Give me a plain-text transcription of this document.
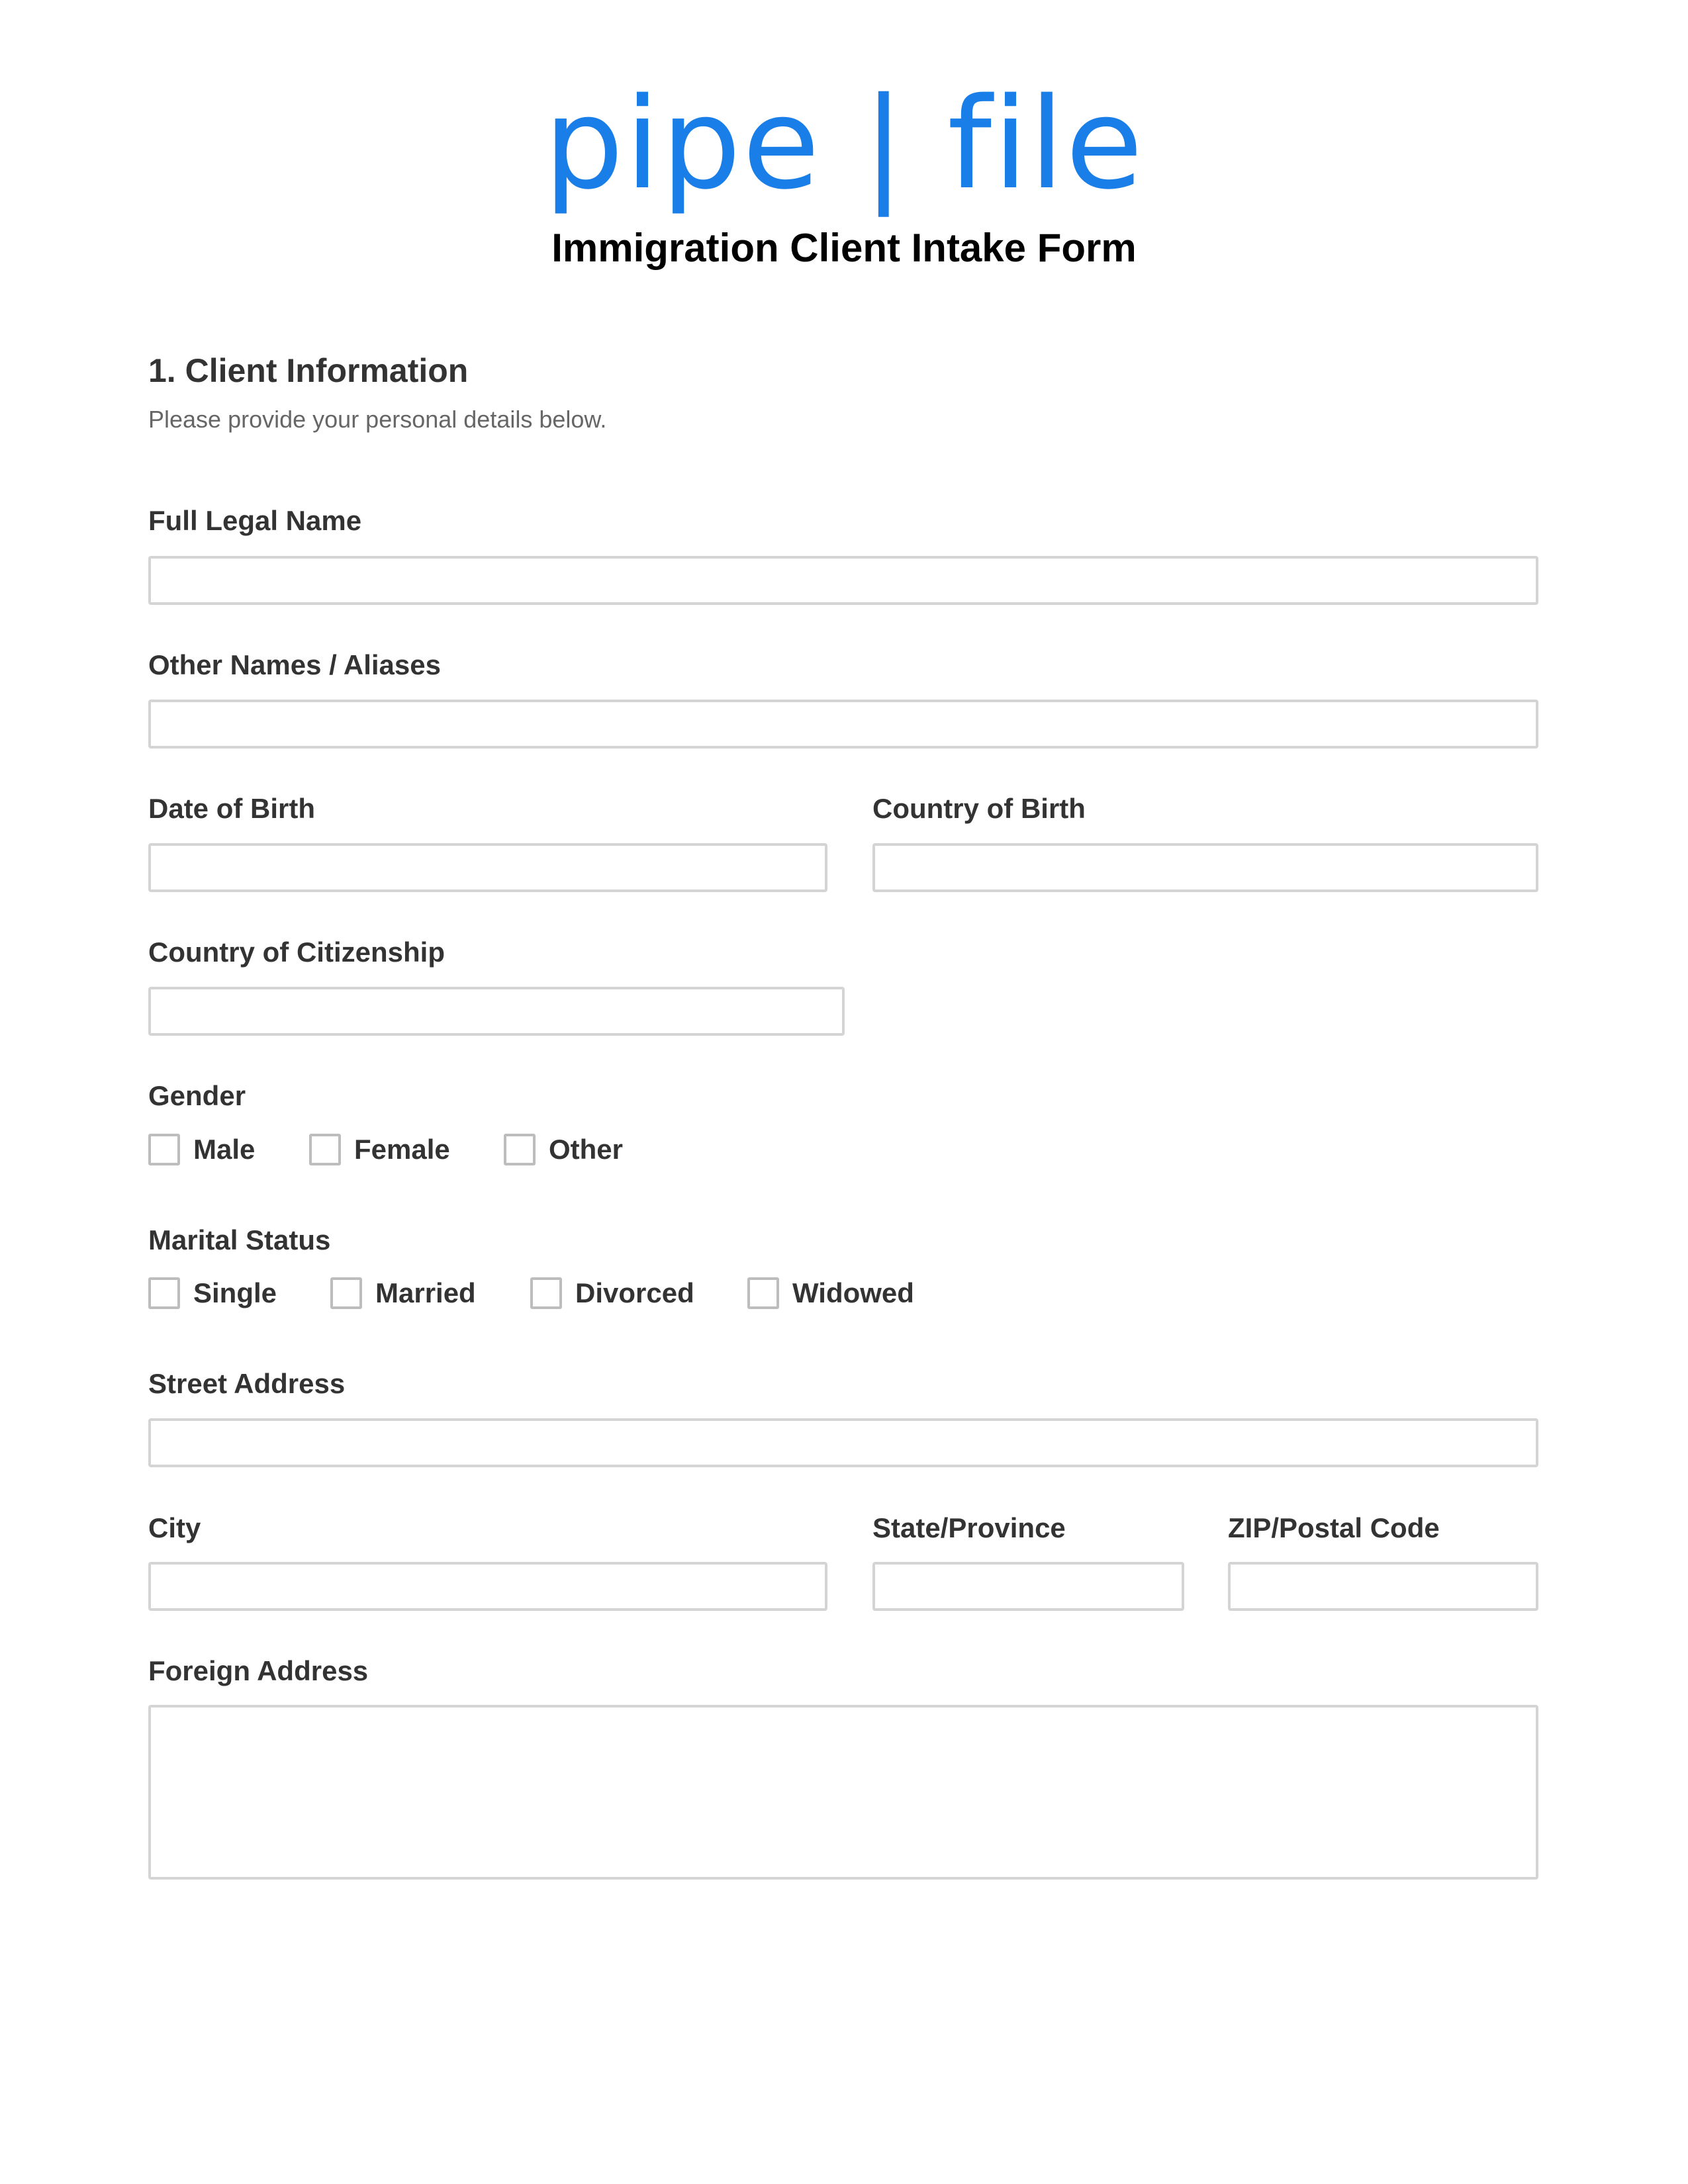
pipe | file
Immigration Client Intake Form
1. Client Information
Please provide your personal details below.
Full Legal Name
Other Names / Aliases
Date of Birth	Country of Birth
Country of Citizenship
Gender
Male	Female	Other
Marital Status
Single	Married	Divorced	Widowed
Street Address
City	State/Province	ZIP/Postal Code
Foreign Address
